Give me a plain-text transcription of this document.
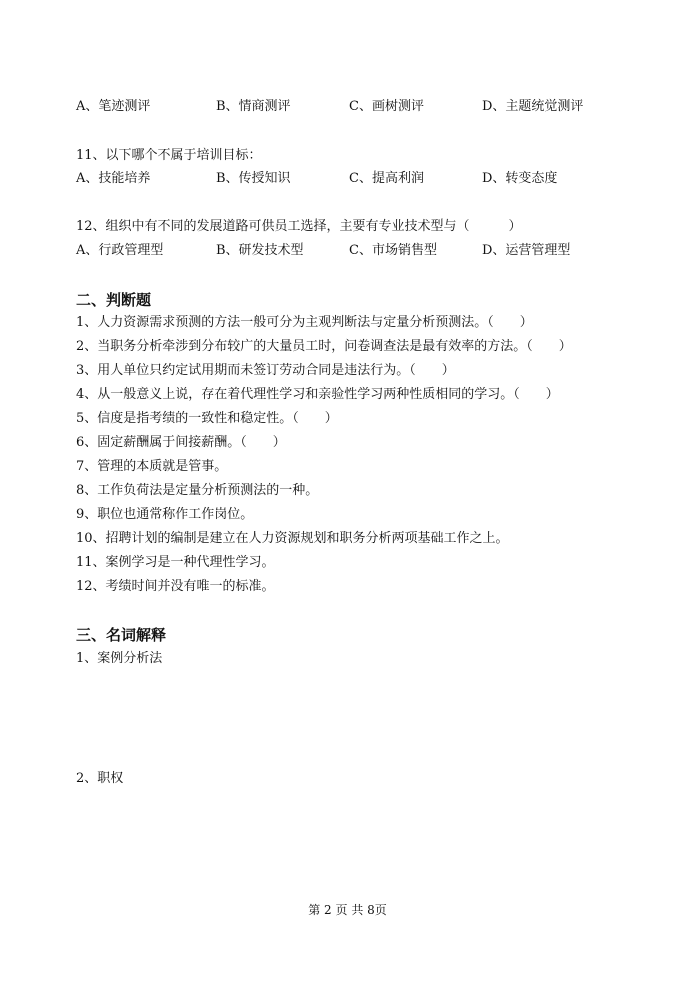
A、笔迹测评	B、情商测评	C、画树测评	D、主题统觉测评
11、以下哪个不属于培训目标：
A、技能培养	B、传授知识	C、提高利润	D、转变态度
12、组织中有不同的发展道路可供员工选择，主要有专业技术型与（　　　）
A、行政管理型	B、研发技术型	C、市场销售型	D、运营管理型
二、判断题
1、人力资源需求预测的方法一般可分为主观判断法与定量分析预测法。（　　）
2、当职务分析牵涉到分布较广的大量员工时，问卷调查法是最有效率的方法。（　　）
3、用人单位只约定试用期而未签订劳动合同是违法行为。（　　）
4、从一般意义上说，存在着代理性学习和亲验性学习两种性质相同的学习。（　　）
5、信度是指考绩的一致性和稳定性。（　　）
6、固定薪酬属于间接薪酬。（　　）
7、管理的本质就是管事。
8、工作负荷法是定量分析预测法的一种。
9、职位也通常称作工作岗位。
10、招聘计划的编制是建立在人力资源规划和职务分析两项基础工作之上。
11、案例学习是一种代理性学习。
12、考绩时间并没有唯一的标准。
三、名词解释
1、案例分析法
2、职权
第 2 页 共 8页
